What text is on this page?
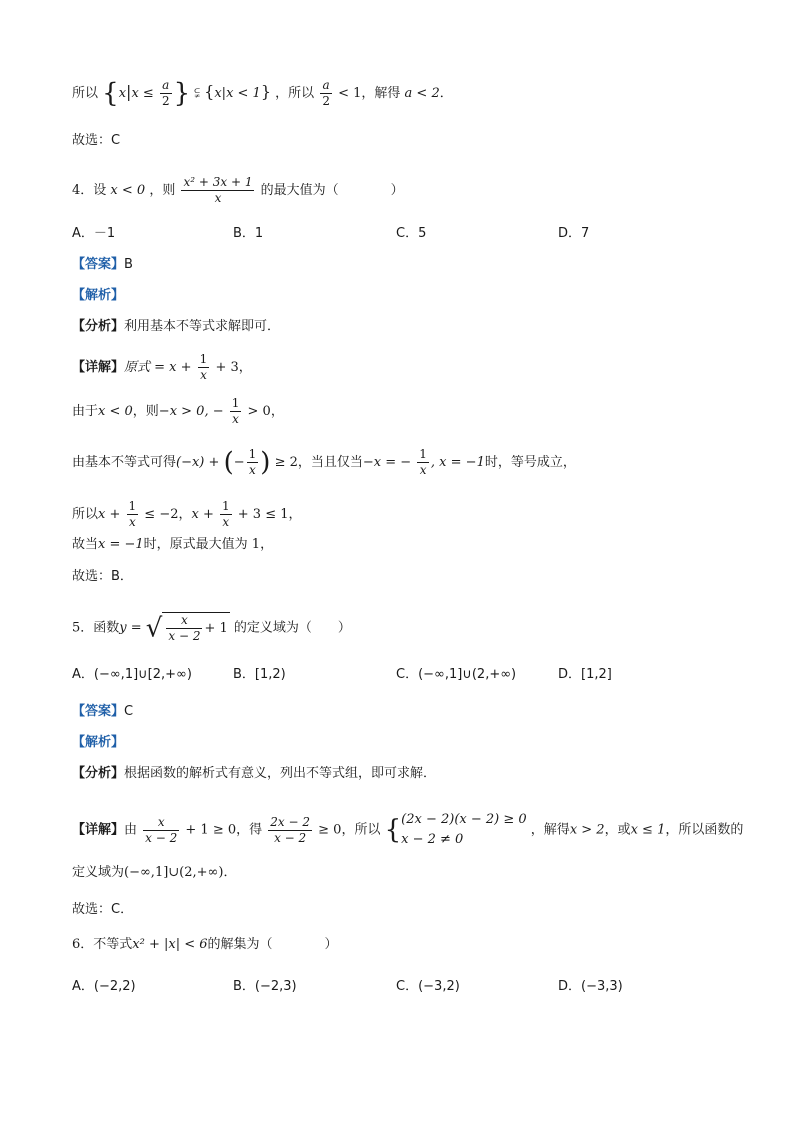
所以 {$x|x \le \frac{a}{2}$ } ⫋ {x|x < 1} ，所以 $\frac{a}{2} < 1$，解得 a < 2．
故选：C
4．设 x < 0 ，则 $\frac{\text{x² + 3x + 1}}{x}$ 的最大值为（　　　　）
A．－1	B．1	C．5	D．7
【答案】B
【解析】
【分析】利用基本不等式求解即可．
【详解】原式 = $x + \frac{1}{x} + 3$，
由于x < 0，则−x > 0, − $\frac{1}{x} > 0$，
由基本不等式可得(−x) + (− $\frac{1}{x}$ ) ≥ 2，当且仅当−x = − $\frac{1}{x}$ , x = −1时，等号成立，
所以$x + \frac{1}{x} \le -2$，$x + \frac{1}{x} + 3 \le 1$，
故当x = −1时，原式最大值为 1，
故选：B．
5．函数y = √ $\frac{x}{x - 2} + 1$ 的定义域为（　　）
A．(−∞,1]∪[2,+∞)	B．[1,2)	C．(−∞,1]∪(2,+∞)	D．[1,2]
【答案】C
【解析】
【分析】根据函数的解析式有意义，列出不等式组，即可求解．
【详解】由 $\frac{x}{x - 2} + 1 \ge 0$，得 $\frac{2x - 2}{x - 2} \ge 0$，所以 { (2x − 2)(x − 2) ≥ 0
x − 2 ≠ 0
，解得x > 2，或x ≤ 1，所以函数的
定义域为(−∞,1]∪(2,+∞)．
故选：C．
6．不等式x² + |x| < 6的解集为（　　　　）
A．(−2,2)	B．(−2,3)	C．(−3,2)	D．(−3,3)
